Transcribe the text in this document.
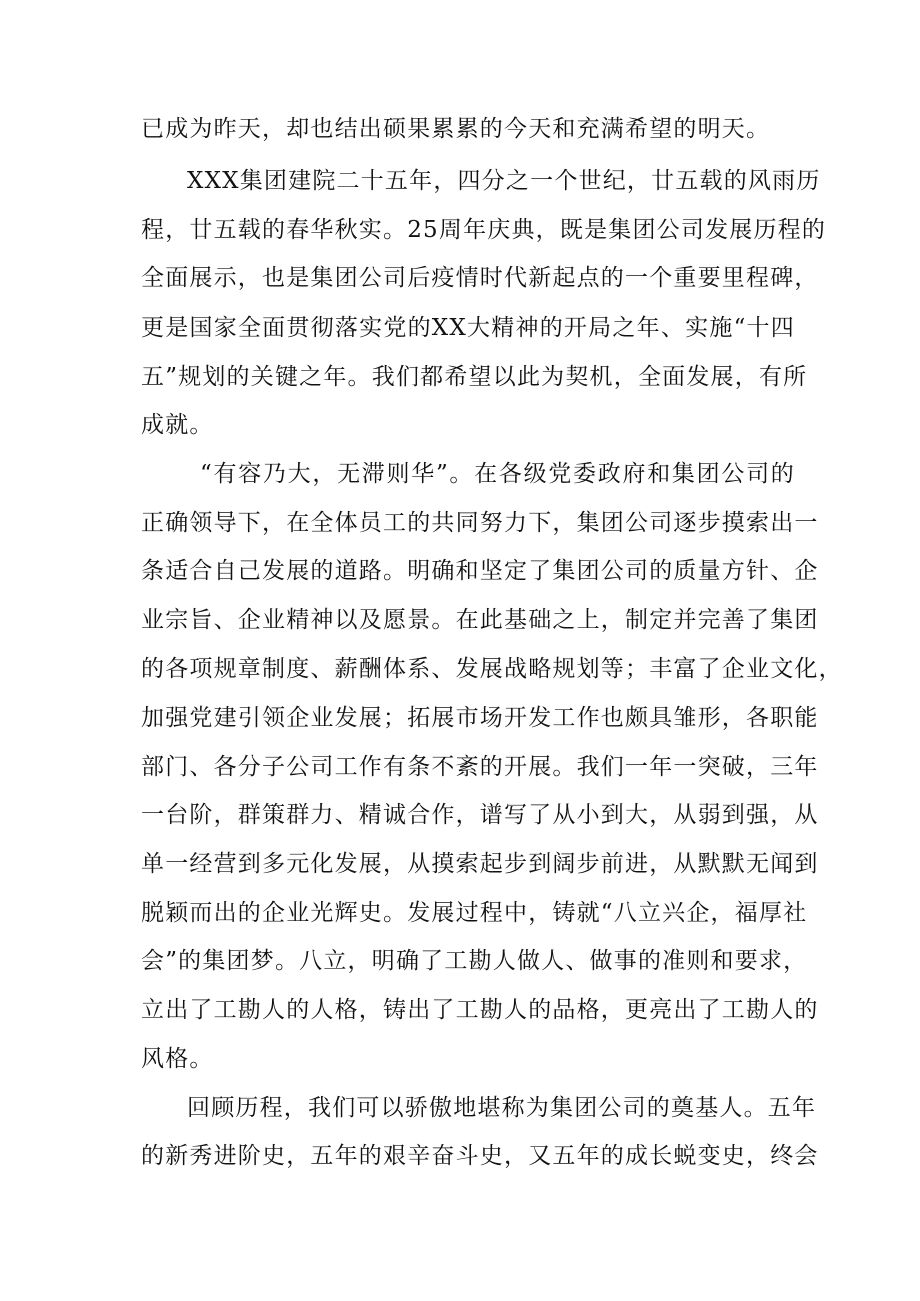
已成为昨天，却也结出硕果累累的今天和充满希望的明天。
XXX集团建院二十五年，四分之一个世纪，廿五载的风雨历
程，廿五载的春华秋实。25周年庆典，既是集团公司发展历程的
全面展示，也是集团公司后疫情时代新起点的一个重要里程碑，
更是国家全面贯彻落实党的XX大精神的开局之年、实施“十四
五”规划的关键之年。我们都希望以此为契机，全面发展，有所
成就。
“有容乃大，无滞则华”。在各级党委政府和集团公司的
正确领导下，在全体员工的共同努力下，集团公司逐步摸索出一
条适合自己发展的道路。明确和坚定了集团公司的质量方针、企
业宗旨、企业精神以及愿景。在此基础之上，制定并完善了集团
的各项规章制度、薪酬体系、发展战略规划等；丰富了企业文化，
加强党建引领企业发展；拓展市场开发工作也颇具雏形，各职能
部门、各分子公司工作有条不紊的开展。我们一年一突破，三年
一台阶，群策群力、精诚合作，谱写了从小到大，从弱到强，从
单一经营到多元化发展，从摸索起步到阔步前进，从默默无闻到
脱颖而出的企业光辉史。发展过程中，铸就“八立兴企，福厚社
会”的集团梦。八立，明确了工勘人做人、做事的准则和要求，
立出了工勘人的人格，铸出了工勘人的品格，更亮出了工勘人的
风格。
回顾历程，我们可以骄傲地堪称为集团公司的奠基人。五年
的新秀进阶史，五年的艰辛奋斗史，又五年的成长蜕变史，终会
